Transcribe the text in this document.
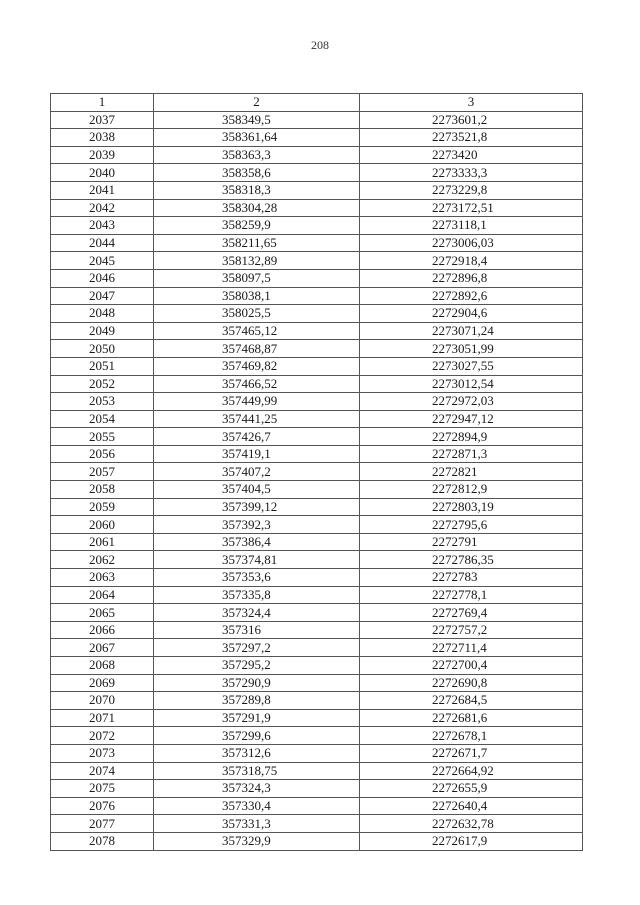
208
1	2	3
2037	358349,5	2273601,2
2038	358361,64	2273521,8
2039	358363,3	2273420
2040	358358,6	2273333,3
2041	358318,3	2273229,8
2042	358304,28	2273172,51
2043	358259,9	2273118,1
2044	358211,65	2273006,03
2045	358132,89	2272918,4
2046	358097,5	2272896,8
2047	358038,1	2272892,6
2048	358025,5	2272904,6
2049	357465,12	2273071,24
2050	357468,87	2273051,99
2051	357469,82	2273027,55
2052	357466,52	2273012,54
2053	357449,99	2272972,03
2054	357441,25	2272947,12
2055	357426,7	2272894,9
2056	357419,1	2272871,3
2057	357407,2	2272821
2058	357404,5	2272812,9
2059	357399,12	2272803,19
2060	357392,3	2272795,6
2061	357386,4	2272791
2062	357374,81	2272786,35
2063	357353,6	2272783
2064	357335,8	2272778,1
2065	357324,4	2272769,4
2066	357316	2272757,2
2067	357297,2	2272711,4
2068	357295,2	2272700,4
2069	357290,9	2272690,8
2070	357289,8	2272684,5
2071	357291,9	2272681,6
2072	357299,6	2272678,1
2073	357312,6	2272671,7
2074	357318,75	2272664,92
2075	357324,3	2272655,9
2076	357330,4	2272640,4
2077	357331,3	2272632,78
2078	357329,9	2272617,9
